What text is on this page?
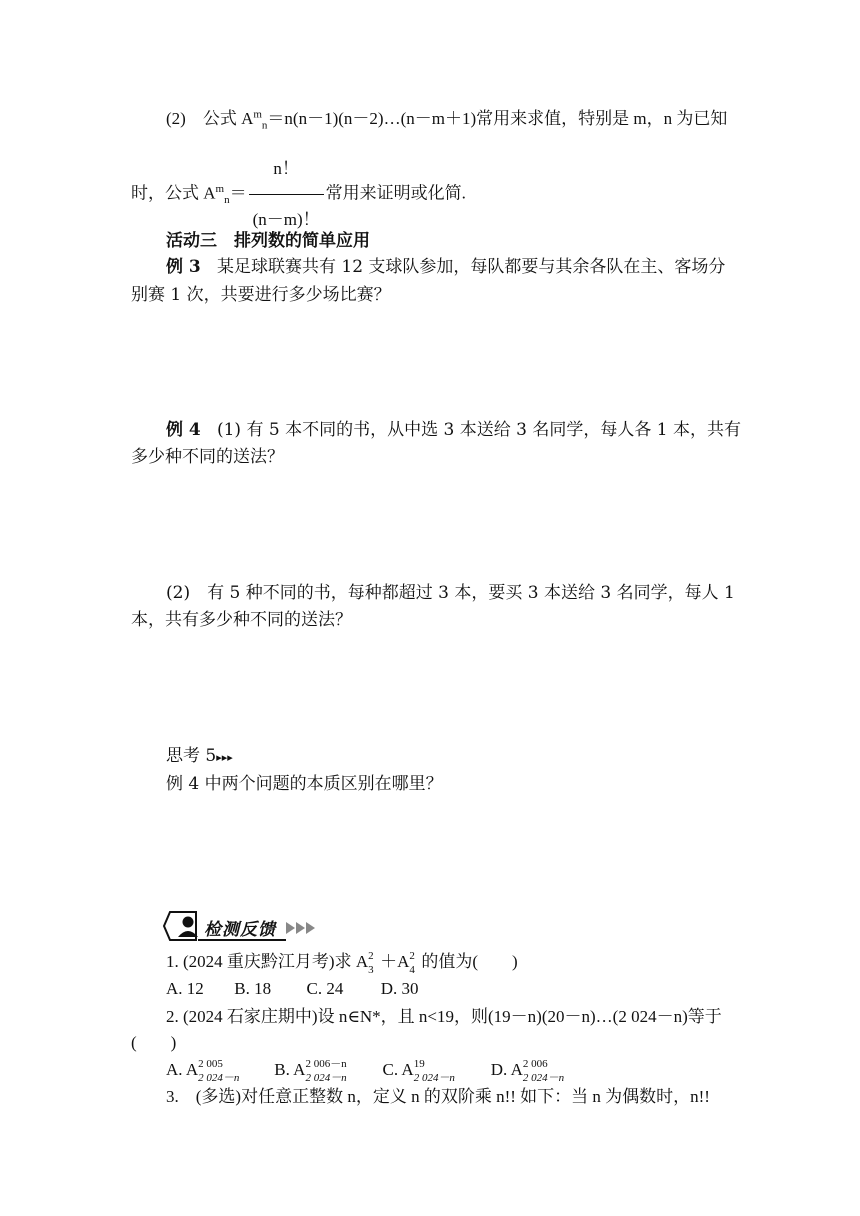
(2) 公式 $A^m_n=n(n-1)(n-2)\dots(n-m+1)$常用来求值，特别是 m，n 为已知
时，公式 $A^m_n= \frac{n!}{(n-m)!}$ 常用来证明或化简.
活动三　排列数的简单应用
例 3 某足球联赛共有 12 支球队参加，每队都要与其余各队在主、客场分
别赛 1 次，共要进行多少场比赛？
例 4 (1) 有 5 本不同的书，从中选 3 本送给 3 名同学，每人各 1 本，共有
多少种不同的送法？
(2)　有 5 种不同的书，每种都超过 3 本，要买 3 本送给 3 名同学，每人 1
本，共有多少种不同的送法？
思考 5▸▸▸
例 4 中两个问题的本质区别在哪里？
检测反馈
1. (2024 重庆黔江月考)求 A 2
3 ＋A 2
4 的值为(　　)
A. 12 B. 18 C. 24 D. 30
2. (2024 石家庄期中)设 n∈N*，且 n<19，则(19－n)(20－n)…(2 024－n)等于
(　　)
A. A 2 005
2 024－n B. A 2 006－n
2 024－n C. A 19
2 024－n D. A 2 006
2 024－n
3.　(多选)对任意正整数 n，定义 n 的双阶乘 n!! 如下：当 n 为偶数时，n!!
